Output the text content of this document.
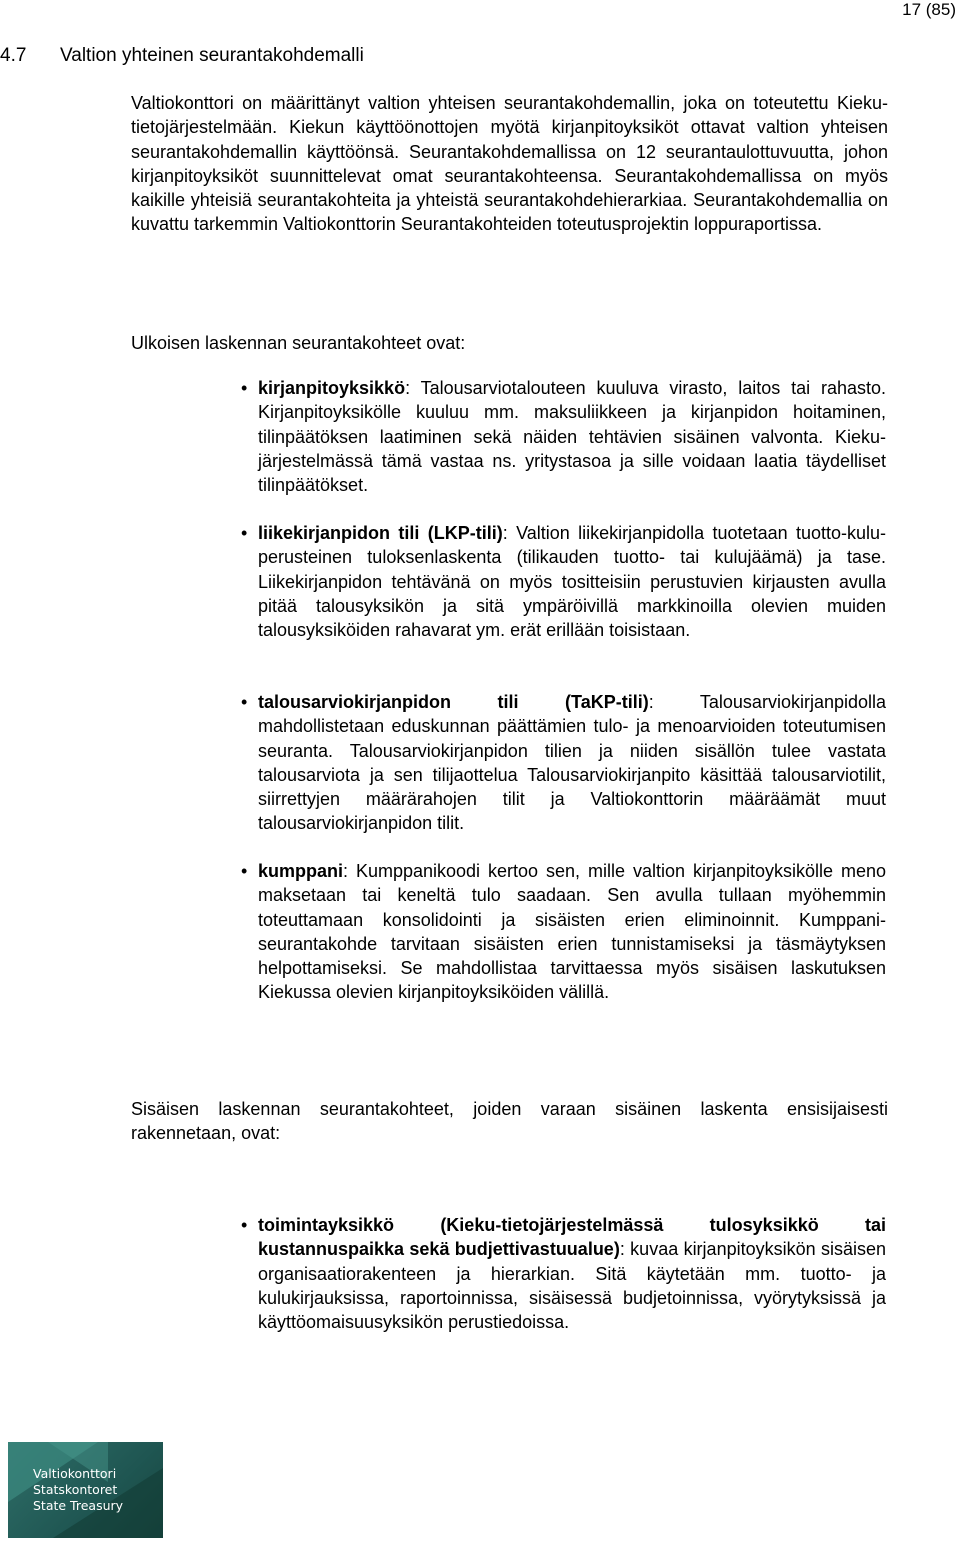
17 (85)
4.7 Valtion yhteinen seurantakohdemalli
Valtiokonttori on määrittänyt valtion yhteisen seurantakohdemallin, joka on toteutettu Kieku-tietojärjestelmään. Kiekun käyttöönottojen myötä kirjanpitoyksiköt ottavat valtion yhteisen seurantakohdemallin käyttöönsä. Seurantakohdemallissa on 12 seurantaulottuvuutta, johon kirjanpitoyksiköt suunnittelevat omat seurantakohteensa. Seurantakohdemallissa on myös kaikille yhteisiä seurantakohteita ja yhteistä seurantakohdehierarkiaa. Seurantakohdemallia on kuvattu tarkemmin Valtiokonttorin Seurantakohteiden toteutusprojektin loppuraportissa.
Ulkoisen laskennan seurantakohteet ovat:
• kirjanpitoyksikkö: Talousarviotalouteen kuuluva virasto, laitos tai rahasto. Kirjanpitoyksikölle kuuluu mm. maksuliikkeen ja kirjanpidon hoitaminen, tilinpäätöksen laatiminen sekä näiden tehtävien sisäinen valvonta. Kieku- järjestelmässä tämä vastaa ns. yritystasoa ja sille voidaan laatia täydelliset tilinpäätökset.
• liikekirjanpidon tili (LKP-tili): Valtion liikekirjanpidolla tuotetaan tuotto-kulu-perusteinen tuloksenlaskenta (tilikauden tuotto- tai kulujäämä) ja tase. Liikekirjanpidon tehtävänä on myös tositteisiin perustuvien kirjausten avulla pitää talousyksikön ja sitä ympäröivillä markkinoilla olevien muiden talousyksiköiden rahavarat ym. erät erillään toisistaan.
• talousarviokirjanpidon tili (TaKP-tili): Talousarviokirjanpidolla mahdollistetaan eduskunnan päättämien tulo- ja menoarvioiden toteutumisen seuranta. Talousarviokirjanpidon tilien ja niiden sisällön tulee vastata talousarviota ja sen tilijaottelua Talousarviokirjanpito käsittää talousarviotilit, siirrettyjen määrärahojen tilit ja Valtiokonttorin määräämät muut talousarviokirjanpidon tilit.
• kumppani: Kumppanikoodi kertoo sen, mille valtion kirjanpitoyksikölle meno maksetaan tai keneltä tulo saadaan. Sen avulla tullaan myöhemmin toteuttamaan konsolidointi ja sisäisten erien eliminoinnit. Kumppani-seurantakohde tarvitaan sisäisten erien tunnistamiseksi ja täsmäytyksen helpottamiseksi. Se mahdollistaa tarvittaessa myös sisäisen laskutuksen Kiekussa olevien kirjanpitoyksiköiden välillä.
Sisäisen laskennan seurantakohteet, joiden varaan sisäinen laskenta ensisijaisesti rakennetaan, ovat:
• toimintayksikkö (Kieku-tietojärjestelmässä tulosyksikkö tai kustannuspaikka sekä budjettivastuualue): kuvaa kirjanpitoyksikön sisäisen organisaatiorakenteen ja hierarkian. Sitä käytetään mm. tuotto- ja kulukirjauksissa, raportoinnissa, sisäisessä budjetoinnissa, vyörytyksissä ja käyttöomaisuusyksikön perustiedoissa.
Valtiokonttori
Statskontoret
State Treasury
